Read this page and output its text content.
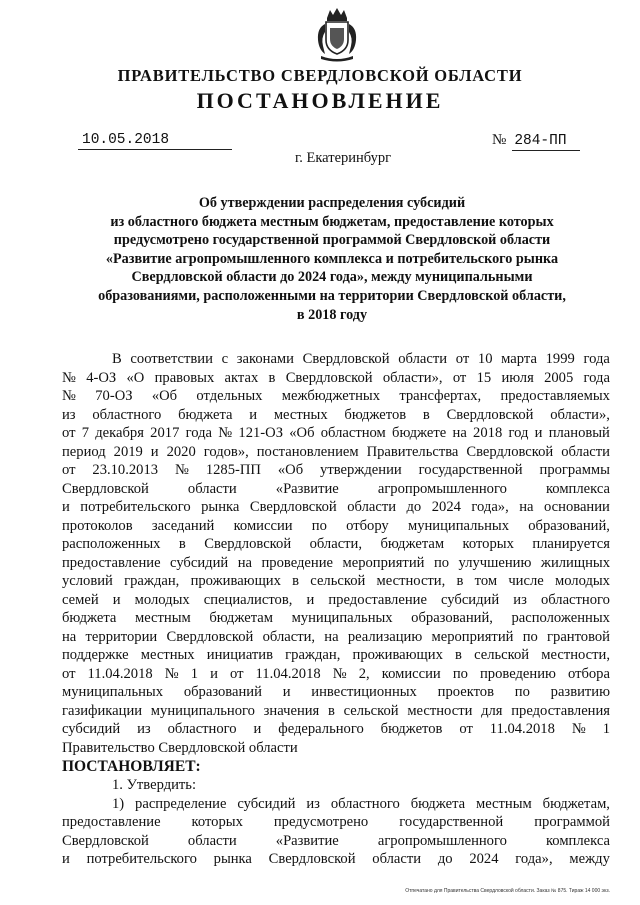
ПРАВИТЕЛЬСТВО СВЕРДЛОВСКОЙ ОБЛАСТИ
ПОСТАНОВЛЕНИЕ
10.05.2018	№ 284-ПП
г. Екатеринбург
Об утверждении распределения субсидий
из областного бюджета местным бюджетам, предоставление которых
предусмотрено государственной программой Свердловской области
«Развитие агропромышленного комплекса и потребительского рынка
Свердловской области до 2024 года», между муниципальными
образованиями, расположенными на территории Свердловской области,
в 2018 году
В соответствии с законами Свердловской области от 10 марта 1999 года
№ 4-ОЗ «О правовых актах в Свердловской области», от 15 июля 2005 года
№ 70-ОЗ «Об отдельных межбюджетных трансфертах, предоставляемых
из областного бюджета и местных бюджетов в Свердловской области»,
от 7 декабря 2017 года № 121-ОЗ «Об областном бюджете на 2018 год и плановый
период 2019 и 2020 годов», постановлением Правительства Свердловской области
от 23.10.2013 № 1285-ПП «Об утверждении государственной программы
Свердловской	области	«Развитие	агропромышленного	комплекса
и потребительского рынка Свердловской области до 2024 года», на основании
протоколов заседаний комиссии по отбору муниципальных образований,
расположенных в Свердловской области, бюджетам которых планируется
предоставление субсидий на проведение мероприятий по улучшению жилищных
условий граждан, проживающих в сельской местности, в том числе молодых
семей и молодых специалистов, и предоставление субсидий из областного
бюджета местным бюджетам муниципальных образований, расположенных
на территории Свердловской области, на реализацию мероприятий по грантовой
поддержке местных инициатив граждан, проживающих в сельской местности,
от 11.04.2018 № 1 и от 11.04.2018 № 2, комиссии по проведению отбора
муниципальных образований и инвестиционных проектов по развитию
газификации муниципального значения в сельской местности для предоставления
субсидий из областного и федерального бюджетов от 11.04.2018 № 1
Правительство Свердловской области
ПОСТАНОВЛЯЕТ:
1. Утвердить:
1) распределение субсидий из областного бюджета местным бюджетам,
предоставление которых предусмотрено государственной программой
Свердловской	области	«Развитие	агропромышленного	комплекса
и потребительского рынка Свердловской области до 2024 года», между
Отпечатано для Правительства Свердловской области. Заказ № 875. Тираж 14 000 экз.
